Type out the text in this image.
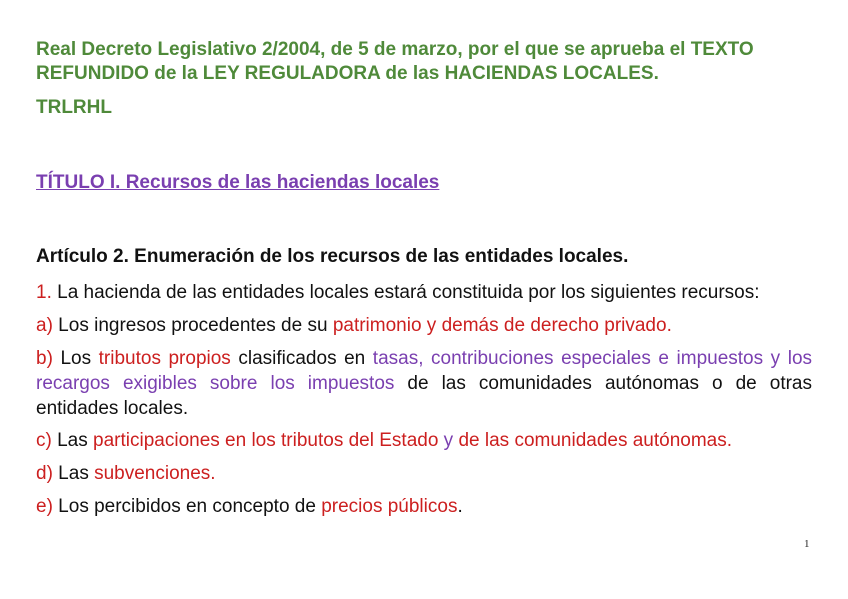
Real Decreto Legislativo 2/2004, de 5 de marzo, por el que se aprueba el TEXTO REFUNDIDO de la LEY REGULADORA de las HACIENDAS LOCALES.

TRLRHL

TÍTULO I. Recursos de las haciendas locales

Artículo 2. Enumeración de los recursos de las entidades locales.

1. La hacienda de las entidades locales estará constituida por los siguientes recursos:

a) Los ingresos procedentes de su patrimonio y demás de derecho privado.

b) Los tributos propios clasificados en tasas, contribuciones especiales e impuestos y los recargos exigibles sobre los impuestos de las comunidades autónomas o de otras entidades locales.

c) Las participaciones en los tributos del Estado y de las comunidades autónomas.

d) Las subvenciones.

e) Los percibidos en concepto de precios públicos.

1
